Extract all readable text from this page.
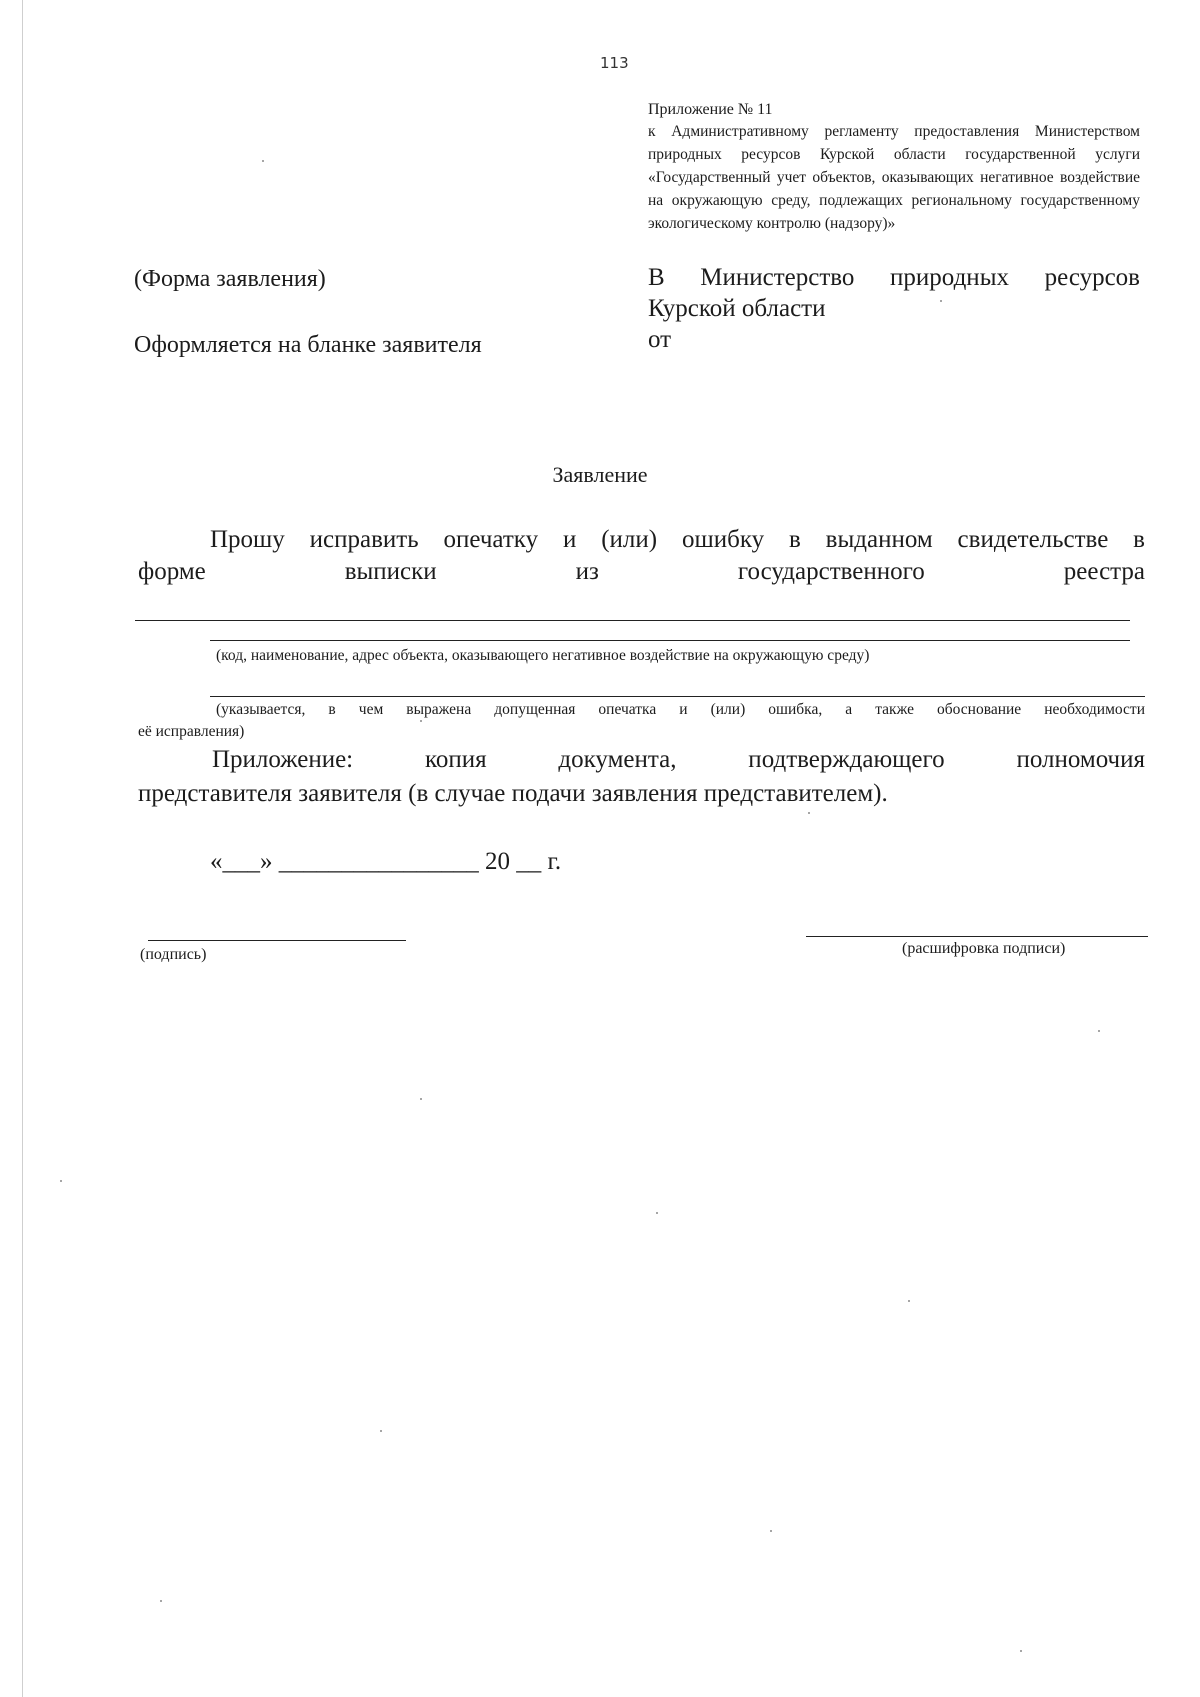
113
Приложение № 11

к Административному регламенту предоставления Министерством природных ресурсов Курской области государственной услуги «Государственный учет объектов, оказывающих негативное воздействие на окружающую среду, подлежащих региональному государственному экологическому контролю (надзору)»

(Форма заявления)
Оформляется на бланке заявителя
В Министерство природных ресурсов
Курской области
от
Заявление
Прошу исправить опечатку и (или) ошибку в выданном свидетельстве в
форме выписки из государственного реестра
(код, наименование, адрес объекта, оказывающего негативное воздействие на окружающую среду)
(указывается, в чем выражена допущенная опечатка и (или) ошибка, а также обоснование необходимости
её исправления)
Приложение: копия документа, подтверждающего полномочия
представителя заявителя (в случае подачи заявления представителем).
«___» ________________ 20 __ г.
(подпись)	(расшифровка подписи)
